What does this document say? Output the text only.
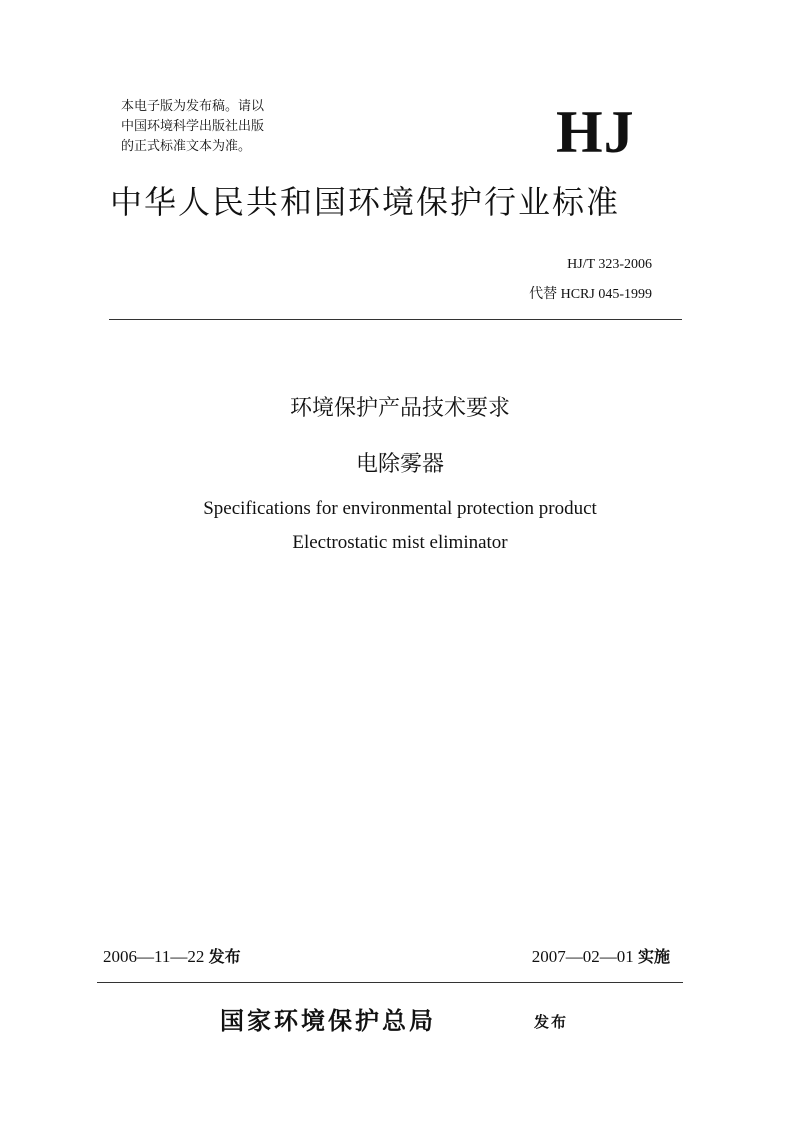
本电子版为发布稿。请以
中国环境科学出版社出版
的正式标准文本为准。	HJ
中华人民共和国环境保护行业标准
HJ/T 323-2006
代替 HCRJ 045-1999
环境保护产品技术要求
电除雾器
Specifications for environmental protection product
Electrostatic mist eliminator
2006—11—22 发布	2007—02—01 实施
国家环境保护总局	发布
